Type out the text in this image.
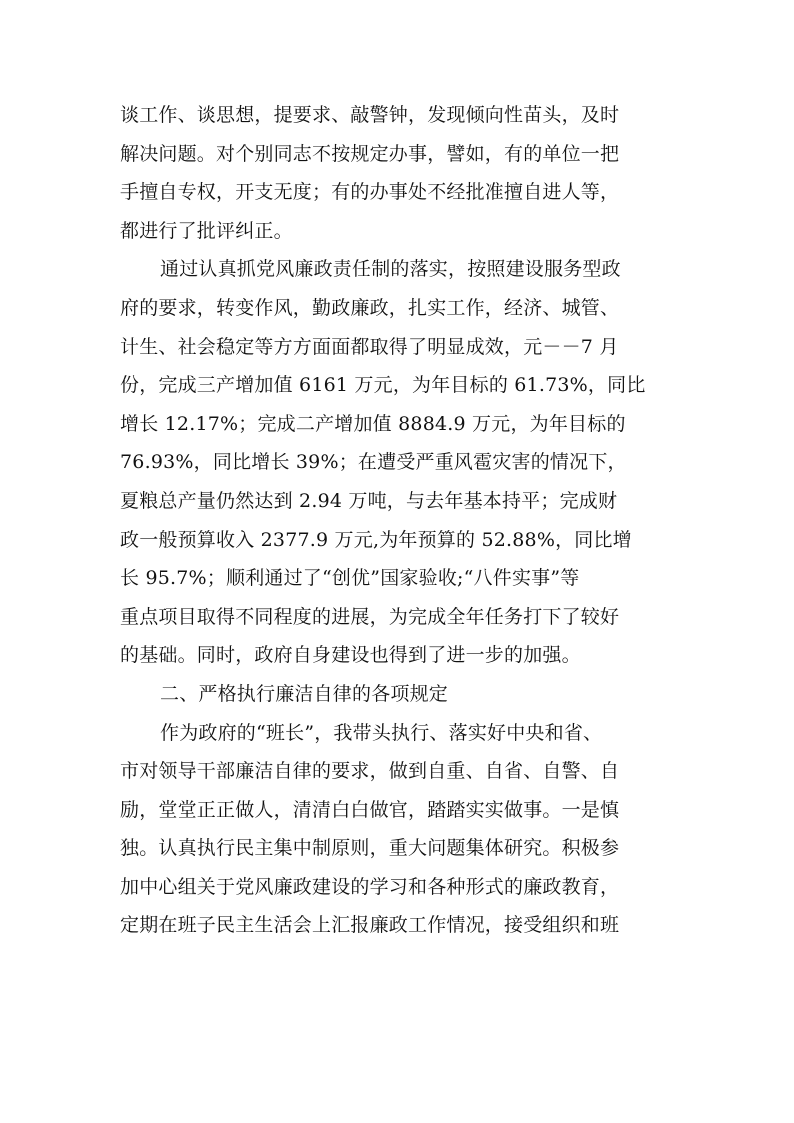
谈工作、谈思想，提要求、敲警钟，发现倾向性苗头，及时
解决问题。对个别同志不按规定办事，譬如，有的单位一把
手擅自专权，开支无度；有的办事处不经批准擅自进人等，
都进行了批评纠正。
通过认真抓党风廉政责任制的落实，按照建设服务型政
府的要求，转变作风，勤政廉政，扎实工作，经济、城管、
计生、社会稳定等方方面面都取得了明显成效，元－－7 月
份，完成三产增加值 6161 万元，为年目标的 61.73%，同比
增长 12.17%；完成二产增加值 8884.9 万元，为年目标的
76.93%，同比增长 39%；在遭受严重风雹灾害的情况下，
夏粮总产量仍然达到 2.94 万吨，与去年基本持平；完成财
政一般预算收入 2377.9 万元,为年预算的 52.88%，同比增
长 95.7%；顺利通过了“创优”国家验收;“八件实事”等
重点项目取得不同程度的进展，为完成全年任务打下了较好
的基础。同时，政府自身建设也得到了进一步的加强。
二、严格执行廉洁自律的各项规定
作为政府的“班长”，我带头执行、落实好中央和省、
市对领导干部廉洁自律的要求，做到自重、自省、自警、自
励，堂堂正正做人，清清白白做官，踏踏实实做事。一是慎
独。认真执行民主集中制原则，重大问题集体研究。积极参
加中心组关于党风廉政建设的学习和各种形式的廉政教育，
定期在班子民主生活会上汇报廉政工作情况，接受组织和班
